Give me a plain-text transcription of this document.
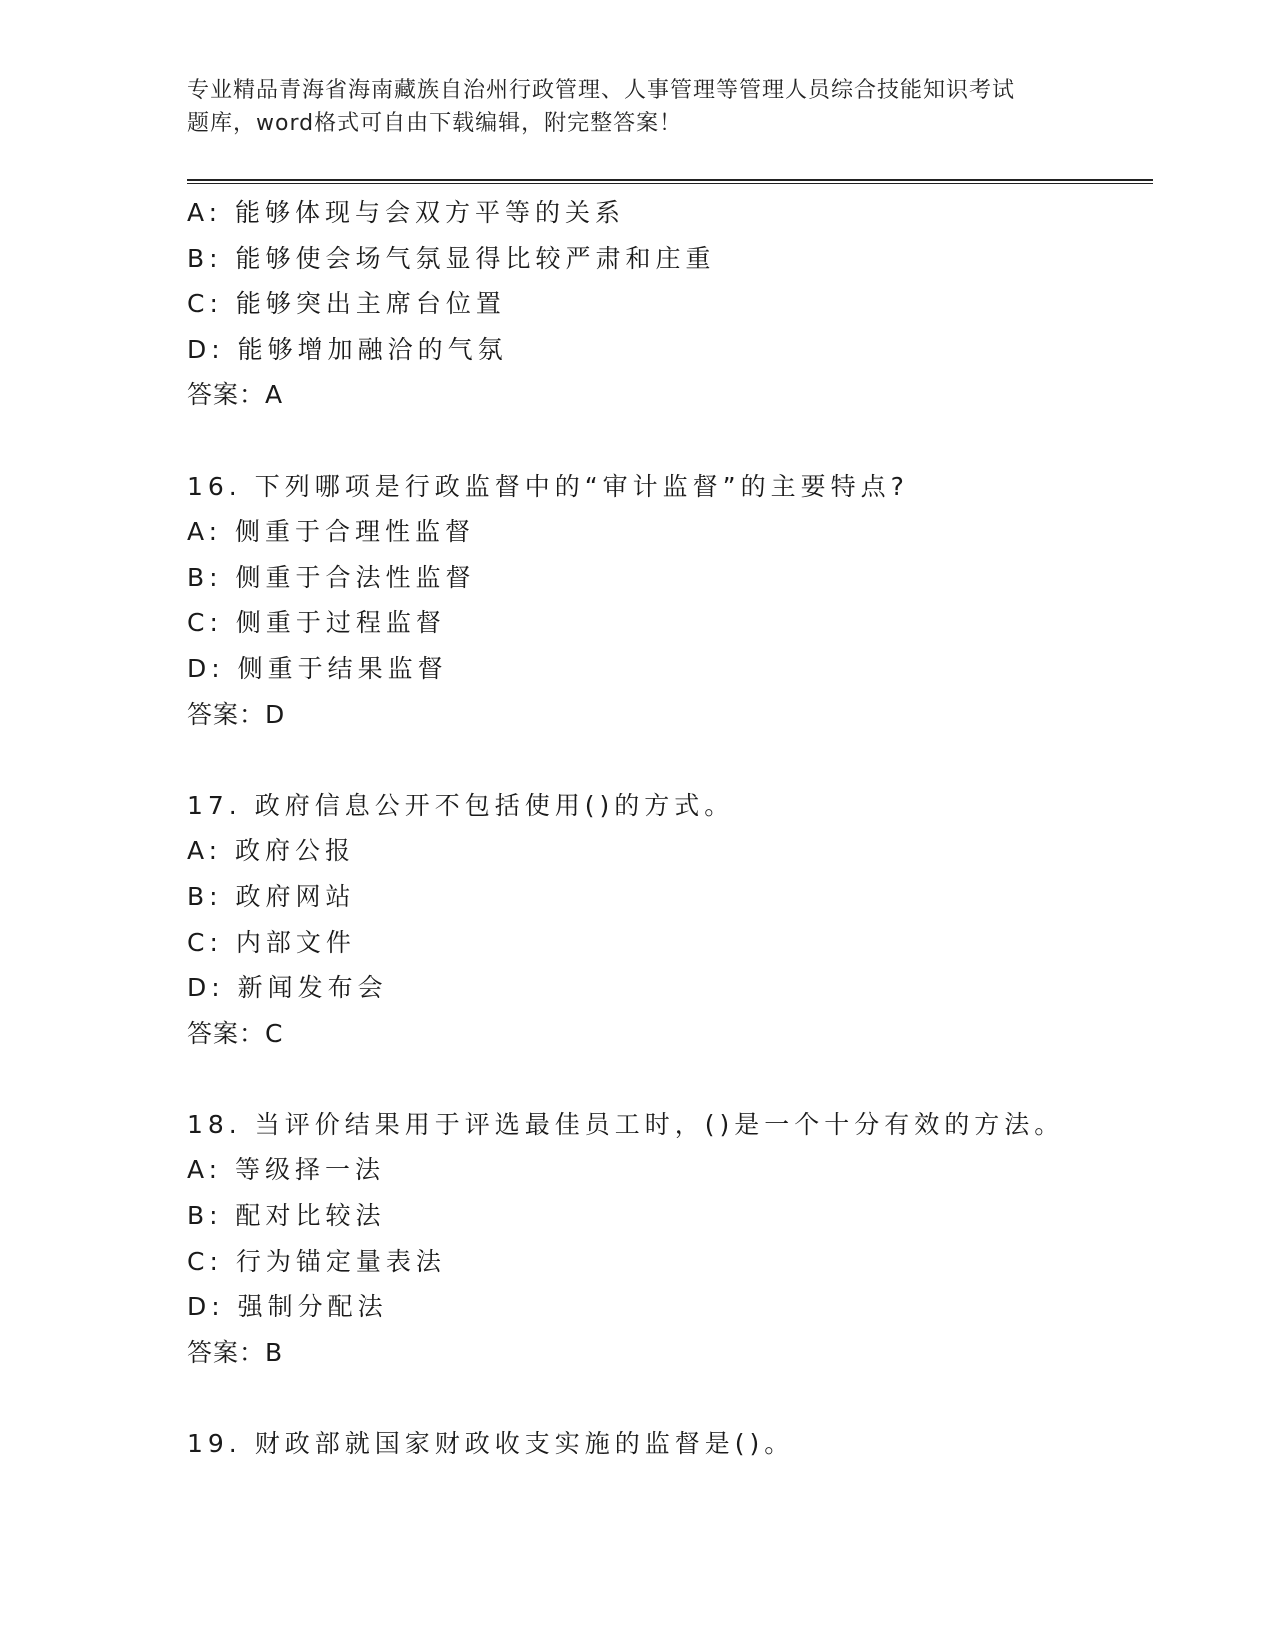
专业精品青海省海南藏族自治州行政管理、人事管理等管理人员综合技能知识考试
题库，word格式可自由下载编辑，附完整答案！
A: 能够体现与会双方平等的关系
B: 能够使会场气氛显得比较严肃和庄重
C: 能够突出主席台位置
D: 能够增加融洽的气氛
答案：A
16. 下列哪项是行政监督中的“审计监督”的主要特点?
A: 侧重于合理性监督
B: 侧重于合法性监督
C: 侧重于过程监督
D: 侧重于结果监督
答案：D
17. 政府信息公开不包括使用()的方式。
A: 政府公报
B: 政府网站
C: 内部文件
D: 新闻发布会
答案：C
18. 当评价结果用于评选最佳员工时，()是一个十分有效的方法。
A: 等级择一法
B: 配对比较法
C: 行为锚定量表法
D: 强制分配法
答案：B
19. 财政部就国家财政收支实施的监督是()。
